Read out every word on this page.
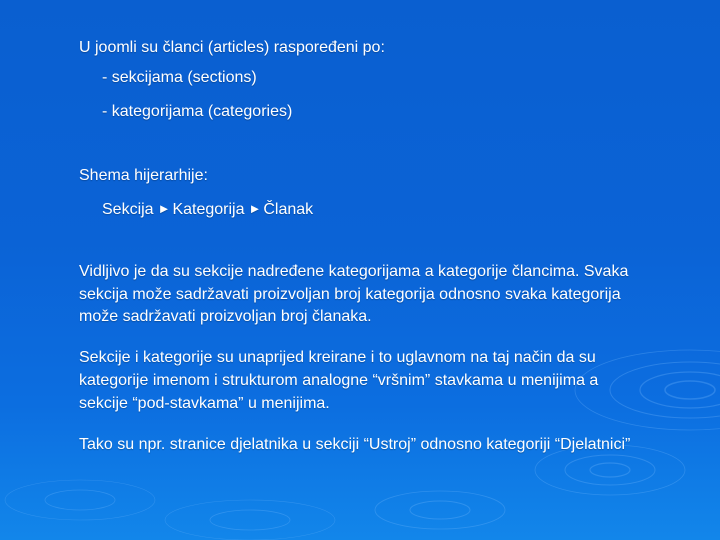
U joomli su članci (articles) raspoređeni po:
- sekcijama (sections)
- kategorijama (categories)
Shema hijerarhije:
Sekcija ► Kategorija ► Članak
Vidljivo je da su sekcije nadređene kategorijama a kategorije člancima. Svaka
sekcija može sadržavati proizvoljan broj kategorija odnosno svaka kategorija
može sadržavati proizvoljan broj članaka.
Sekcije i kategorije su unaprijed kreirane i to uglavnom na taj način da su
kategorije imenom i strukturom analogne “vršnim” stavkama u menijima a
sekcije “pod-stavkama” u menijima.
Tako su npr. stranice djelatnika u sekciji “Ustroj” odnosno kategoriji “Djelatnici”
